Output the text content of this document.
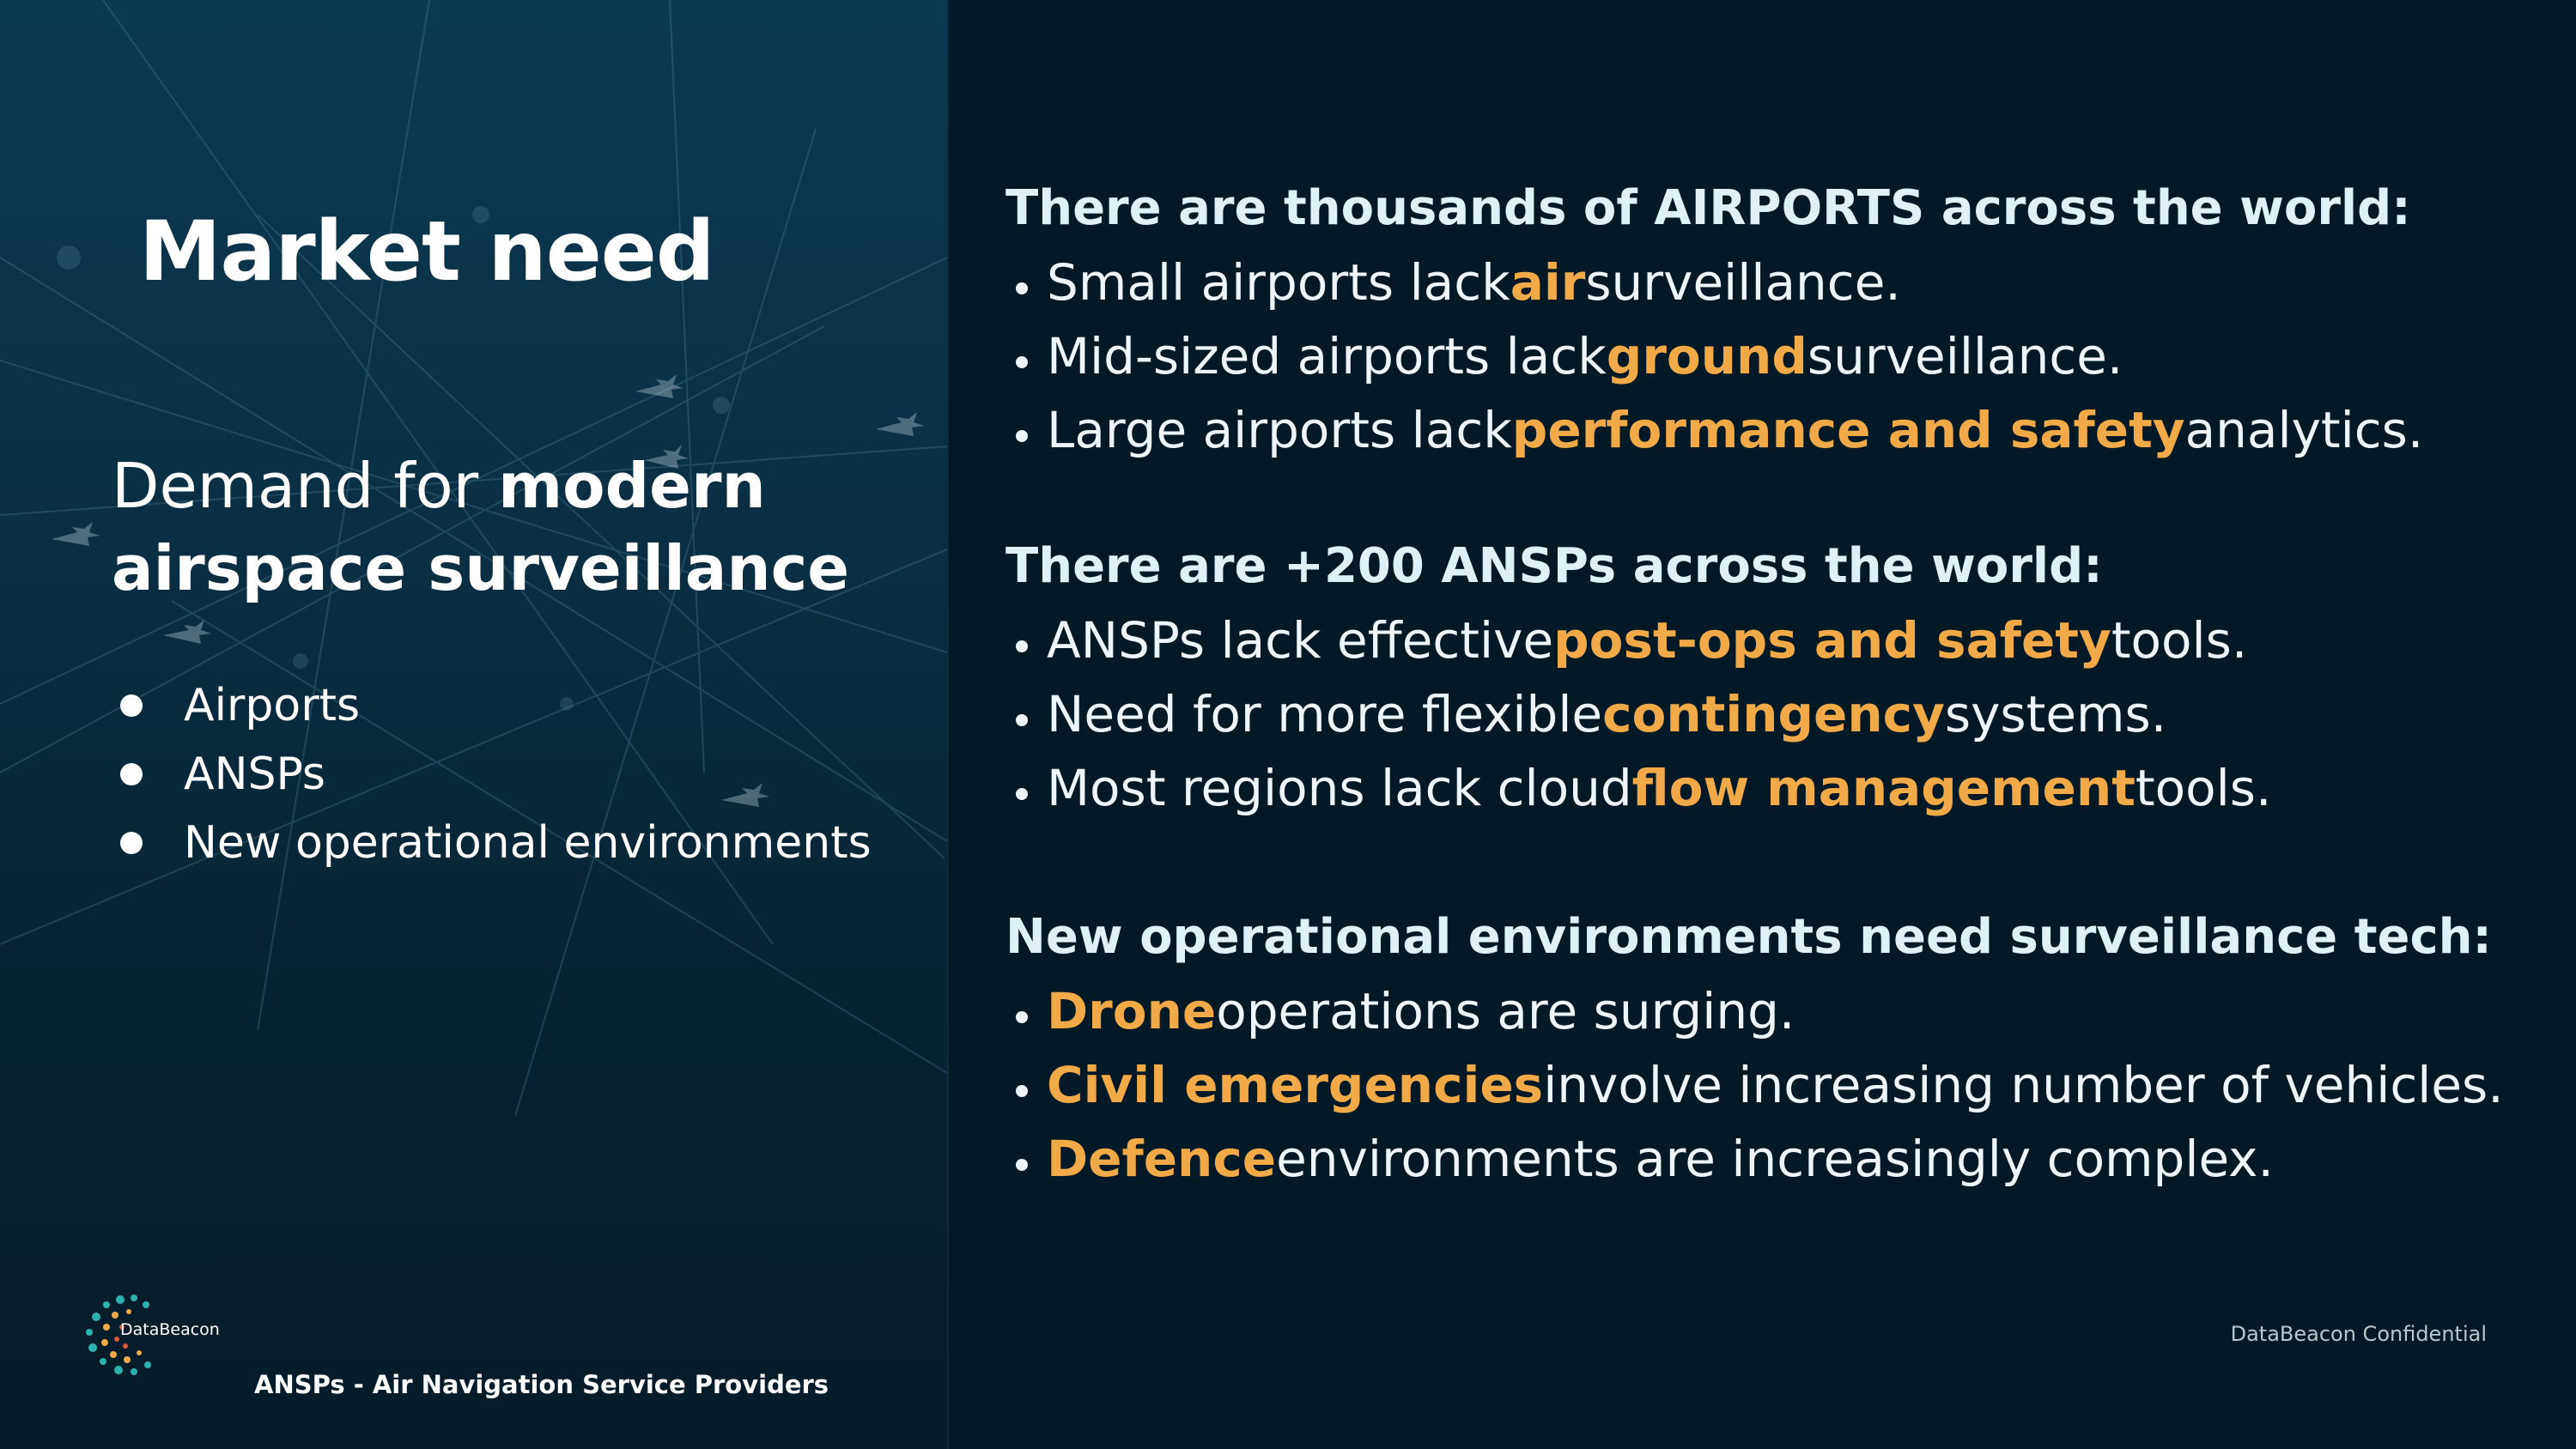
Market need

Demand for modern airspace surveillance

Airports
ANSPs
New operational environments
DataBeacon
ANSPs - Air Navigation Service Providers
There are thousands of AIRPORTS across the world:
Small airports lack air surveillance.
Mid-sized airports lack ground surveillance.
Large airports lack performance and safety analytics.
There are +200 ANSPs across the world:
ANSPs lack effective post-ops and safety tools.
Need for more flexible contingency systems.
Most regions lack cloud flow management tools.
New operational environments need surveillance tech:
Drone operations are surging.
Civil emergencies involve increasing number of vehicles.
Defence environments are increasingly complex.
DataBeacon Confidential
